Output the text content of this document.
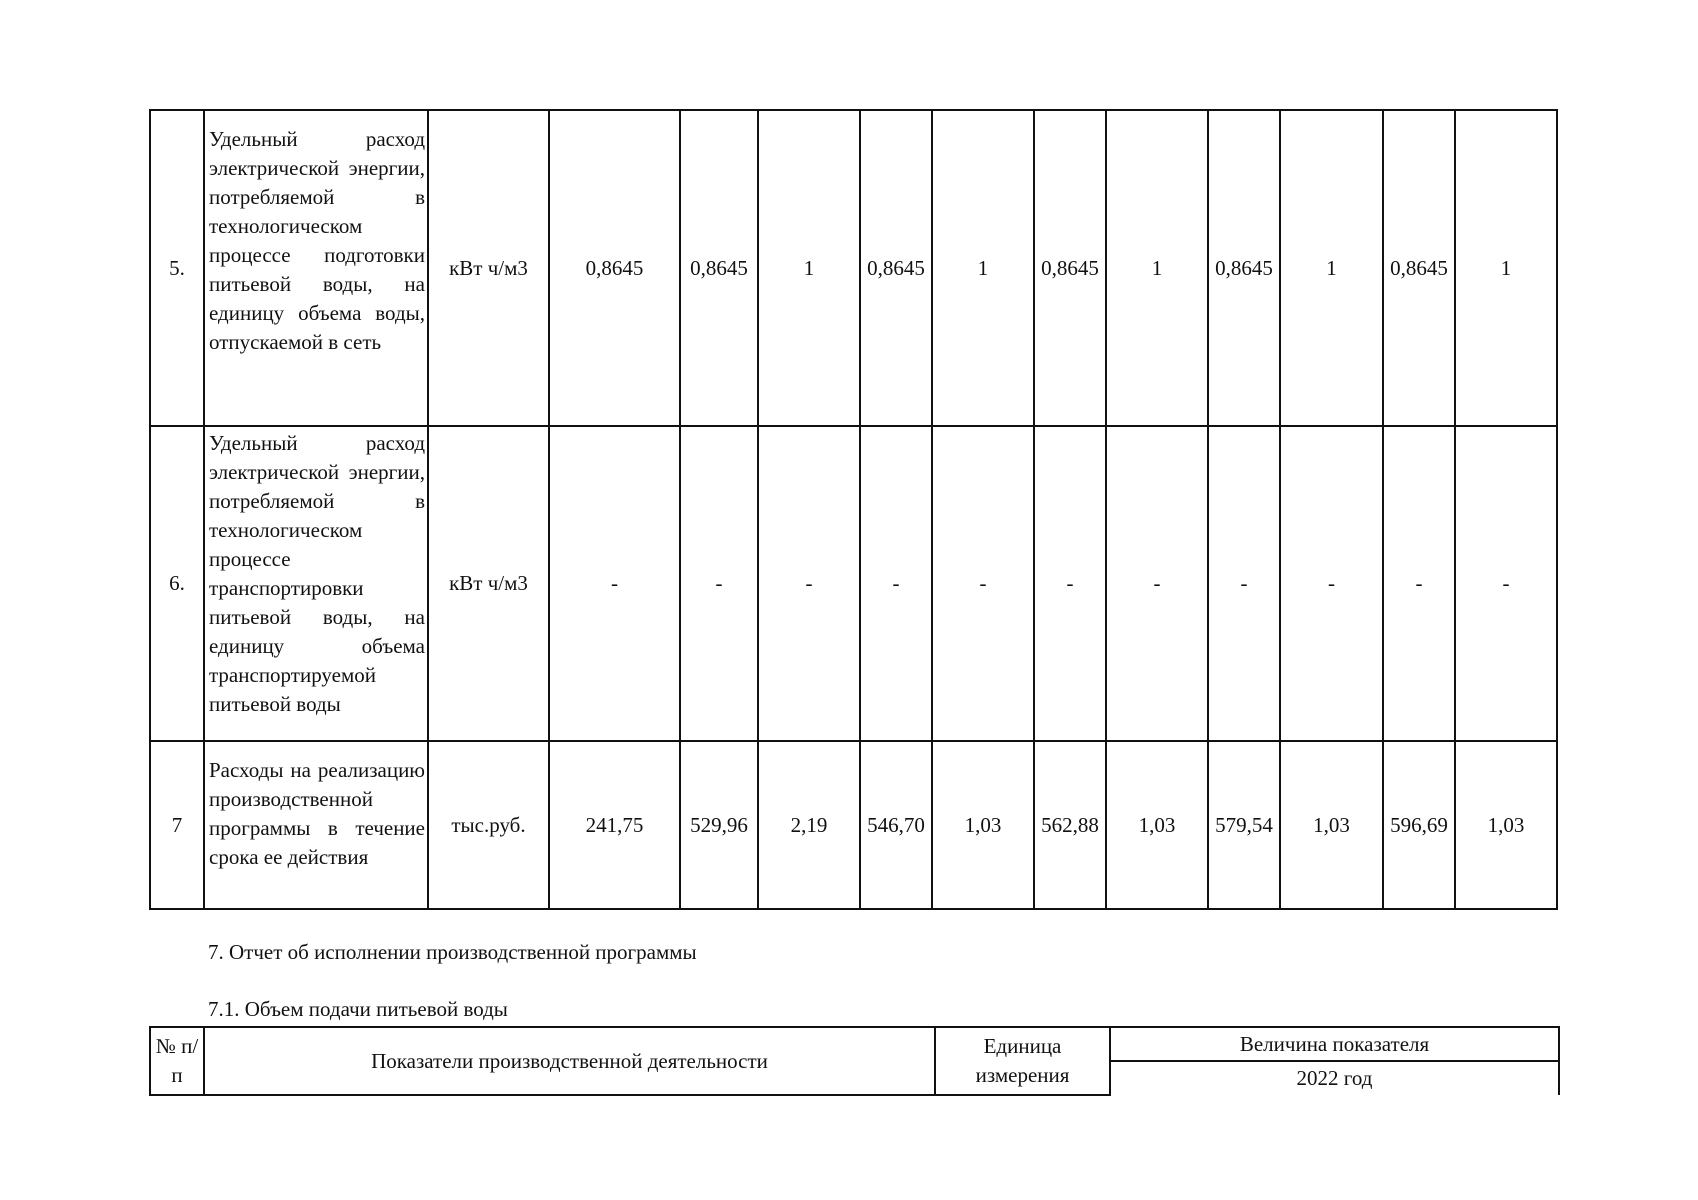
5.	Удельный расход электрической энергии, потребляемой в технологическом процессе подготовки питьевой воды, на единицу объема воды, отпускаемой в сеть	кВт ч/м3	0,8645	0,8645	1	0,8645	1	0,8645	1	0,8645	1	0,8645	1
6.	Удельный расход электрической энергии, потребляемой в технологическом процессе транспортировки питьевой воды, на единицу объема транспортируемой питьевой воды	кВт ч/м3	-	-	-	-	-	-	-	-	-	-	-
7	Расходы на реализацию производственной программы в течение срока ее действия	тыс.руб.	241,75	529,96	2,19	546,70	1,03	562,88	1,03	579,54	1,03	596,69	1,03
7. Отчет об исполнении производственной программы
7.1. Объем подачи питьевой воды
№ п/п	Показатели производственной деятельности	Единица измерения	Величина показателя
2022 год
